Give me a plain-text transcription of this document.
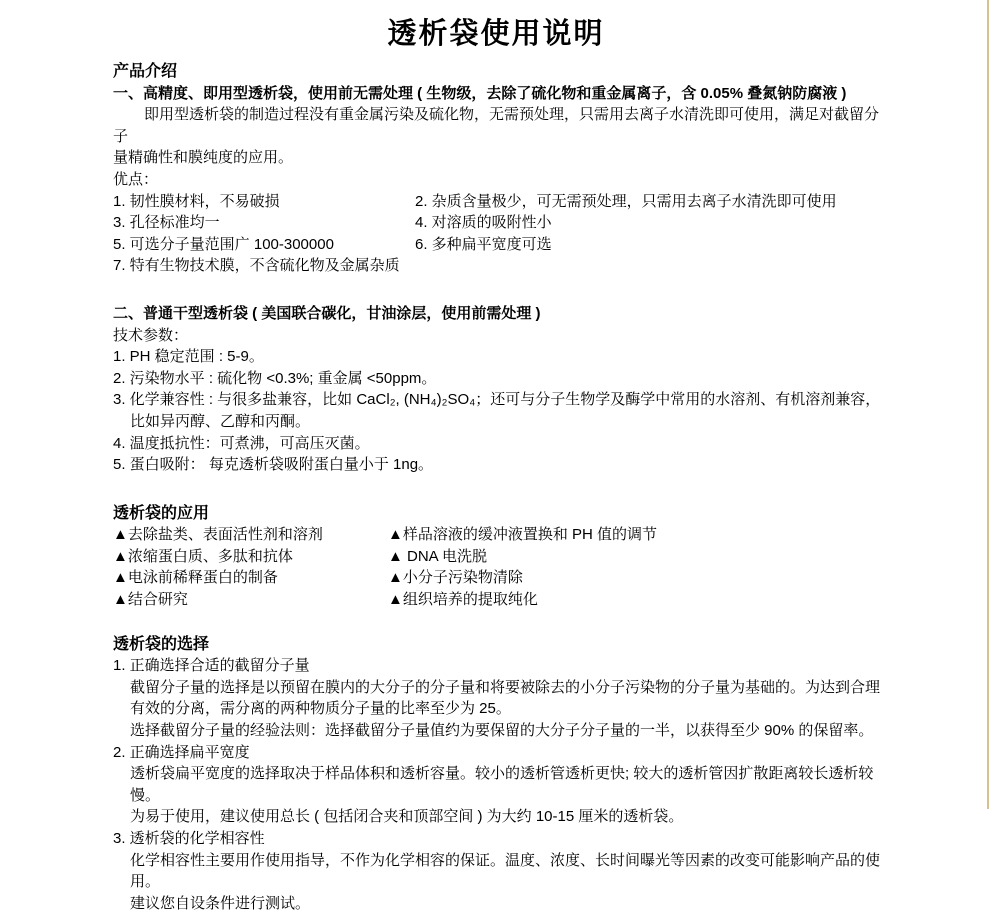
透析袋使用说明
产品介绍
一、高精度、即用型透析袋，使用前无需处理 ( 生物级，去除了硫化物和重金属离子，含 0.05% 叠氮钠防腐液 )
即用型透析袋的制造过程没有重金属污染及硫化物，无需预处理，只需用去离子水清洗即可使用，满足对截留分子
量精确性和膜纯度的应用。
优点：
1. 韧性膜材料，不易破损	2. 杂质含量极少，可无需预处理，只需用去离子水清洗即可使用
3. 孔径标准均一	4. 对溶质的吸附性小
5. 可选分子量范围广 100-300000	6. 多种扁平宽度可选
7. 特有生物技术膜，不含硫化物及金属杂质
二、普通干型透析袋 ( 美国联合碳化，甘油涂层，使用前需处理 )
技术参数：
1. PH 稳定范围 : 5-9。
2. 污染物水平 : 硫化物 <0.3%; 重金属 <50ppm。
3. 化学兼容性 : 与很多盐兼容，比如 CaCl₂, (NH₄)₂SO₄；还可与分子生物学及酶学中常用的水溶剂、有机溶剂兼容，
比如异丙醇、乙醇和丙酮。
4. 温度抵抗性：可煮沸，可高压灭菌。
5. 蛋白吸附： 每克透析袋吸附蛋白量小于 1ng。
透析袋的应用
▲去除盐类、表面活性剂和溶剂	▲样品溶液的缓冲液置换和 PH 值的调节
▲浓缩蛋白质、多肽和抗体	▲ DNA 电洗脱
▲电泳前稀释蛋白的制备	▲小分子污染物清除
▲结合研究	▲组织培养的提取纯化
透析袋的选择
1. 正确选择合适的截留分子量
截留分子量的选择是以预留在膜内的大分子的分子量和将要被除去的小分子污染物的分子量为基础的。为达到合理
有效的分离，需分离的两种物质分子量的比率至少为 25。
选择截留分子量的经验法则：选择截留分子量值约为要保留的大分子分子量的一半，以获得至少 90% 的保留率。
2. 正确选择扁平宽度
透析袋扁平宽度的选择取决于样品体积和透析容量。较小的透析管透析更快; 较大的透析管因扩散距离较长透析较慢。
为易于使用，建议使用总长 ( 包括闭合夹和顶部空间 ) 为大约 10-15 厘米的透析袋。
3. 透析袋的化学相容性
化学相容性主要用作使用指导，不作为化学相容的保证。温度、浓度、长时间曝光等因素的改变可能影响产品的使用。
建议您自设条件进行测试。
